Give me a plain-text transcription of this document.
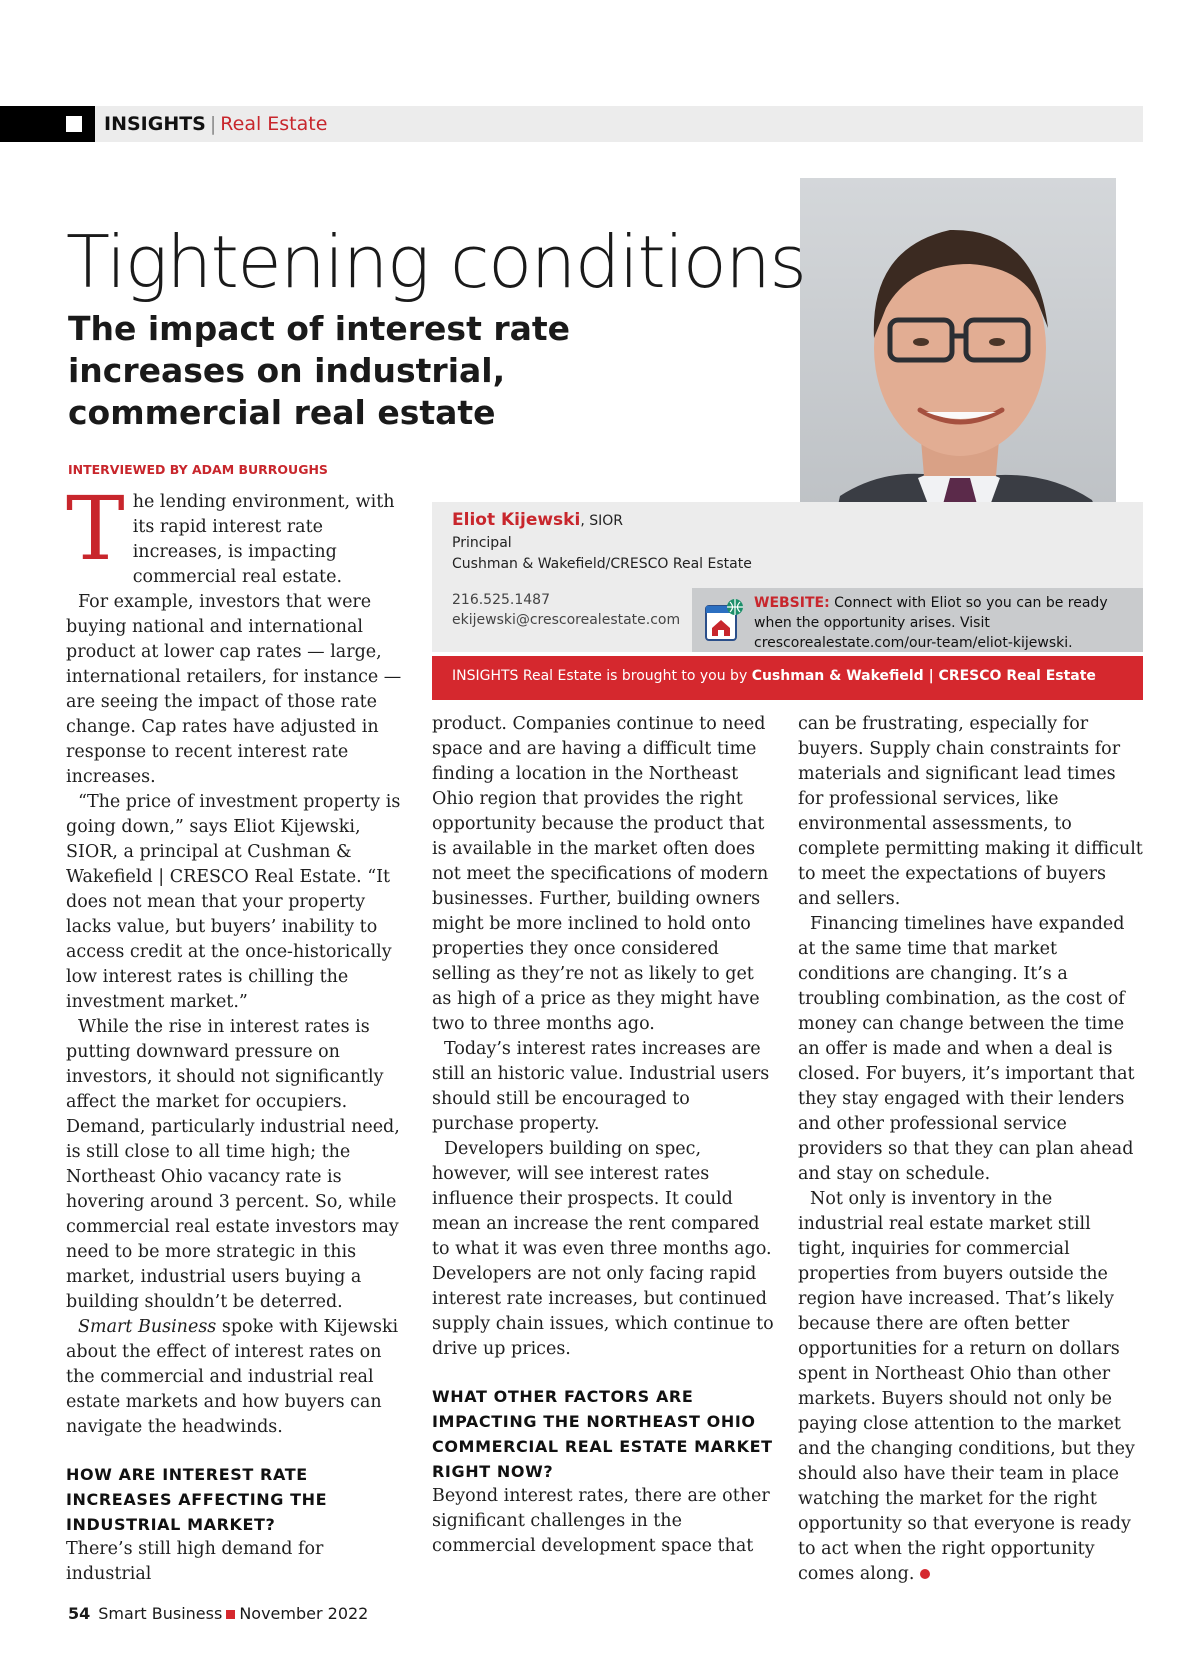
INSIGHTS | Real Estate
Tightening conditions
The impact of interest rate increases on industrial, commercial real estate
INTERVIEWED BY ADAM BURROUGHS
Eliot Kijewski, SIOR
Principal
Cushman & Wakefield/CRESCO Real Estate
216.525.1487
ekijewski@crescorealestate.com
WEBSITE: Connect with Eliot so you can be ready when the opportunity arises. Visit crescorealestate.com/our-team/eliot-kijewski.
INSIGHTS Real Estate is brought to you by Cushman & Wakefield | CRESCO Real Estate

The lending environment, with its rapid interest rate increases, is impacting commercial real estate.

For example, investors that were buying national and international product at lower cap rates — large, international retailers, for instance —are seeing the impact of those rate change. Cap rates have adjusted in response to recent interest rate increases.

“The price of investment property is going down,” says Eliot Kijewski, SIOR, a principal at Cushman & Wakefield | CRESCO Real Estate. “It does not mean that your property lacks value, but buyers’ inability to access credit at the once-historically low interest rates is chilling the investment market.”

While the rise in interest rates is putting downward pressure on investors, it should not significantly affect the market for occupiers. Demand, particularly industrial need, is still close to all time high; the Northeast Ohio vacancy rate is hovering around 3 percent. So, while commercial real estate investors may need to be more strategic in this market, industrial users buying a building shouldn’t be deterred.

Smart Business spoke with Kijewski about the effect of interest rates on the commercial and industrial real estate markets and how buyers can navigate the headwinds.

HOW ARE INTEREST RATE INCREASES AFFECTING THE INDUSTRIAL MARKET?

There’s still high demand for industrial

product. Companies continue to need space and are having a difficult time finding a location in the Northeast Ohio region that provides the right opportunity because the product that is available in the market often does not meet the specifications of modern businesses. Further, building owners might be more inclined to hold onto properties they once considered selling as they’re not as likely to get as high of a price as they might have two to three months ago.

Today’s interest rates increases are still an historic value. Industrial users should still be encouraged to purchase property.

Developers building on spec, however, will see interest rates influence their prospects. It could mean an increase the rent compared to what it was even three months ago. Developers are not only facing rapid interest rate increases, but continued supply chain issues, which continue to drive up prices.

WHAT OTHER FACTORS ARE IMPACTING THE NORTHEAST OHIO COMMERCIAL REAL ESTATE MARKET RIGHT NOW?

Beyond interest rates, there are other significant challenges in the commercial development space that

can be frustrating, especially for buyers. Supply chain constraints for materials and significant lead times for professional services, like environmental assessments, to complete permitting making it difficult to meet the expectations of buyers and sellers.

Financing timelines have expanded at the same time that market conditions are changing. It’s a troubling combination, as the cost of money can change between the time an offer is made and when a deal is closed. For buyers, it’s important that they stay engaged with their lenders and other professional service providers so that they can plan ahead and stay on schedule.

Not only is inventory in the industrial real estate market still tight, inquiries for commercial properties from buyers outside the region have increased. That’s likely because there are often better opportunities for a return on dollars spent in Northeast Ohio than other markets. Buyers should not only be paying close attention to the market and the changing conditions, but they should also have their team in place watching the market for the right opportunity so that everyone is ready to act when the right opportunity comes along.

54 Smart Business November 2022
